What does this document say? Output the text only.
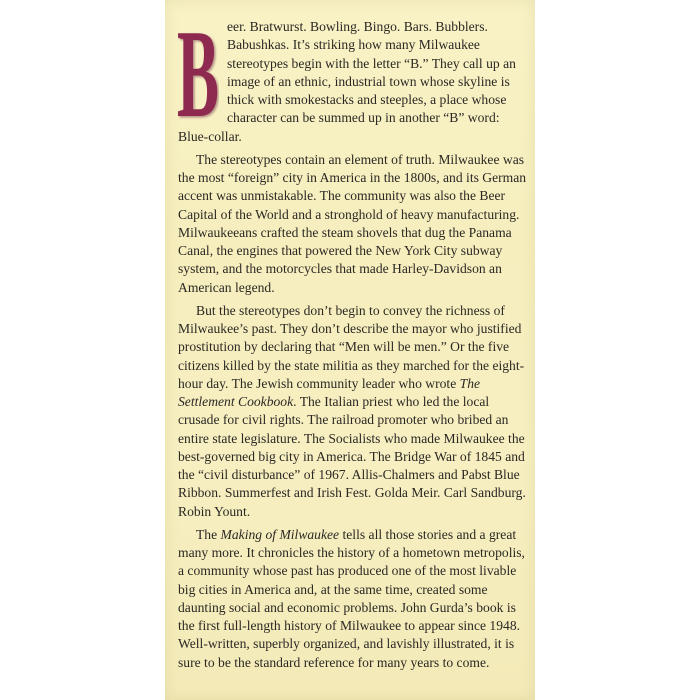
B eer. Bratwurst. Bowling. Bingo. Bars. Bubblers. Babushkas. It’s striking how many Milwaukee stereotypes begin with the letter “B.” They call up an image of an ethnic, industrial town whose skyline is thick with smokestacks and steeples, a place whose character can be summed up in another “B” word: Blue-collar.

The stereotypes contain an element of truth. Milwaukee was the most “foreign” city in America in the 1800s, and its German accent was unmistakable. The community was also the Beer Capital of the World and a stronghold of heavy manufacturing. Milwaukeeans crafted the steam shovels that dug the Panama Canal, the engines that powered the New York City subway system, and the motorcycles that made Harley-Davidson an American legend.

But the stereotypes don’t begin to convey the richness of Milwaukee’s past. They don’t describe the mayor who justified prostitution by declaring that “Men will be men.” Or the five citizens killed by the state militia as they marched for the eight-hour day. The Jewish community leader who wrote The Settlement Cookbook. The Italian priest who led the local crusade for civil rights. The railroad promoter who bribed an entire state legislature. The Socialists who made Milwaukee the best-governed big city in America. The Bridge War of 1845 and the “civil disturbance” of 1967. Allis-Chalmers and Pabst Blue Ribbon. Summerfest and Irish Fest. Golda Meir. Carl Sandburg. Robin Yount.

The Making of Milwaukee tells all those stories and a great many more. It chronicles the history of a hometown metropolis, a community whose past has produced one of the most livable big cities in America and, at the same time, created some daunting social and economic problems. John Gurda’s book is the first full-length history of Milwaukee to appear since 1948. Well-written, superbly organized, and lavishly illustrated, it is sure to be the standard reference for many years to come.
